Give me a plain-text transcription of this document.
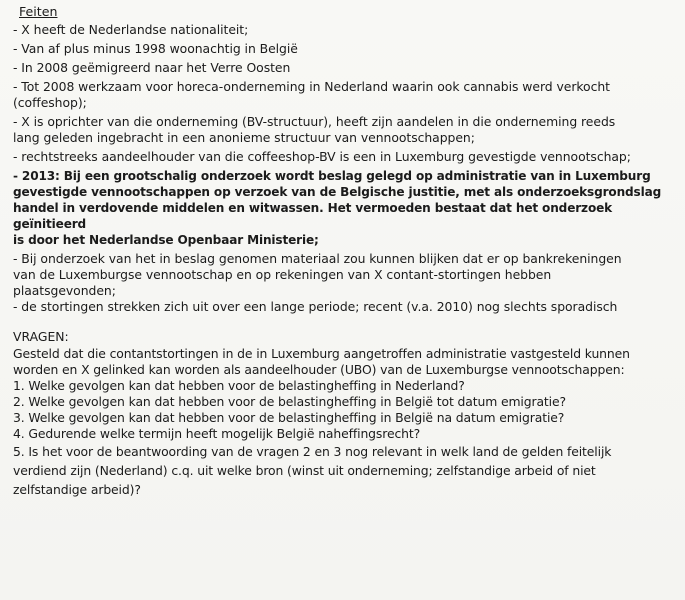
Feiten
- X heeft de Nederlandse nationaliteit;
- Van af plus minus 1998 woonachtig in België
- In 2008 geëmigreerd naar het Verre Oosten
- Tot 2008 werkzaam voor horeca-onderneming in Nederland waarin ook cannabis werd verkocht
(coffeshop);
- X is oprichter van die onderneming (BV-structuur), heeft zijn aandelen in die onderneming reeds
lang geleden ingebracht in een anonieme structuur van vennootschappen;
- rechtstreeks aandeelhouder van die coffeeshop-BV is een in Luxemburg gevestigde vennootschap;
- 2013: Bij een grootschalig onderzoek wordt beslag gelegd op administratie van in Luxemburg
gevestigde vennootschappen op verzoek van de Belgische justitie, met als onderzoeksgrondslag
handel in verdovende middelen en witwassen. Het vermoeden bestaat dat het onderzoek geïnitieerd
is door het Nederlandse Openbaar Ministerie;
- Bij onderzoek van het in beslag genomen materiaal zou kunnen blijken dat er op bankrekeningen
van de Luxemburgse vennootschap en op rekeningen van X contant-stortingen hebben
plaatsgevonden;
- de stortingen strekken zich uit over een lange periode; recent (v.a. 2010) nog slechts sporadisch
VRAGEN:

Gesteld dat die contantstortingen in de in Luxemburg aangetroffen administratie vastgesteld kunnen
worden en X gelinked kan worden als aandeelhouder (UBO) van de Luxemburgse vennootschappen:

1. Welke gevolgen kan dat hebben voor de belastingheffing in Nederland?
2. Welke gevolgen kan dat hebben voor de belastingheffing in België tot datum emigratie?
3. Welke gevolgen kan dat hebben voor de belastingheffing in België na datum emigratie?
4. Gedurende welke termijn heeft mogelijk België naheffingsrecht?
5. Is het voor de beantwoording van de vragen 2 en 3 nog relevant in welk land de gelden feitelijk
verdiend zijn (Nederland) c.q. uit welke bron (winst uit onderneming; zelfstandige arbeid of niet
zelfstandige arbeid)?
